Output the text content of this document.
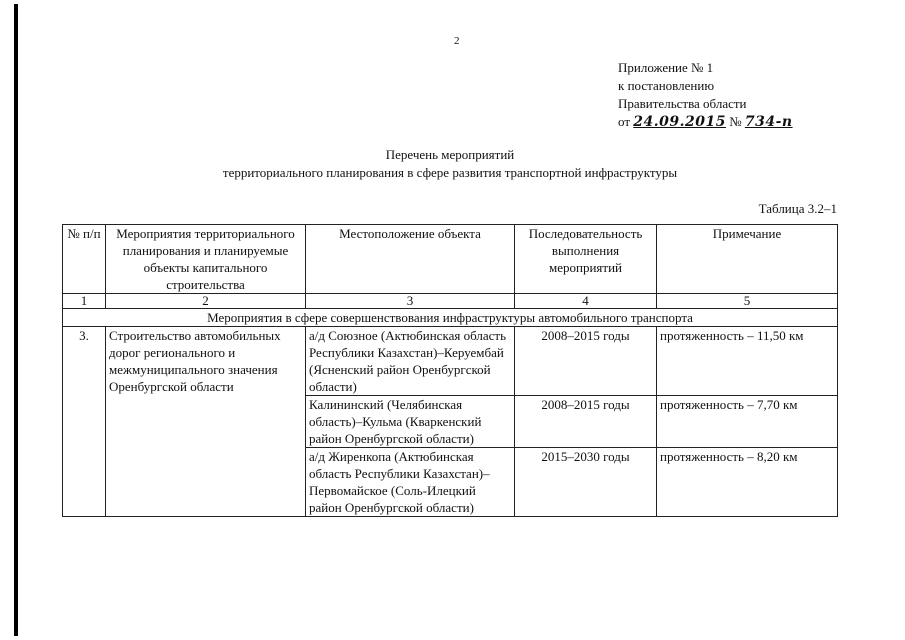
2
Приложение № 1
к постановлению
Правительства области
от 24.09.2015 № 734-п
Перечень мероприятий
территориального планирования в сфере развития транспортной инфраструктуры
Таблица 3.2–1
№ п/п	Мероприятия территориального планирования и планируемые объекты капитального строительства	Местоположение объекта	Последовательность выполнения мероприятий	Примечание
1	2	3	4	5
Мероприятия в сфере совершенствования инфраструктуры автомобильного транспорта				
3.	Строительство автомобильных дорог регионального и межмуниципального значения Оренбургской области	а/д Союзное (Актюбинская область Республики Казахстан)–Керуембай (Ясненский район Оренбургской области)	2008–2015 годы	протяженность – 11,50 км
		Калининский (Челябинская область)–Кульма (Кваркенский район Оренбургской области)	2008–2015 годы	протяженность – 7,70 км
		а/д Жиренкопа (Актюбинская область Республики Казахстан)–Первомайское (Соль-Илецкий район Оренбургской области)	2015–2030 годы	протяженность – 8,20 км
